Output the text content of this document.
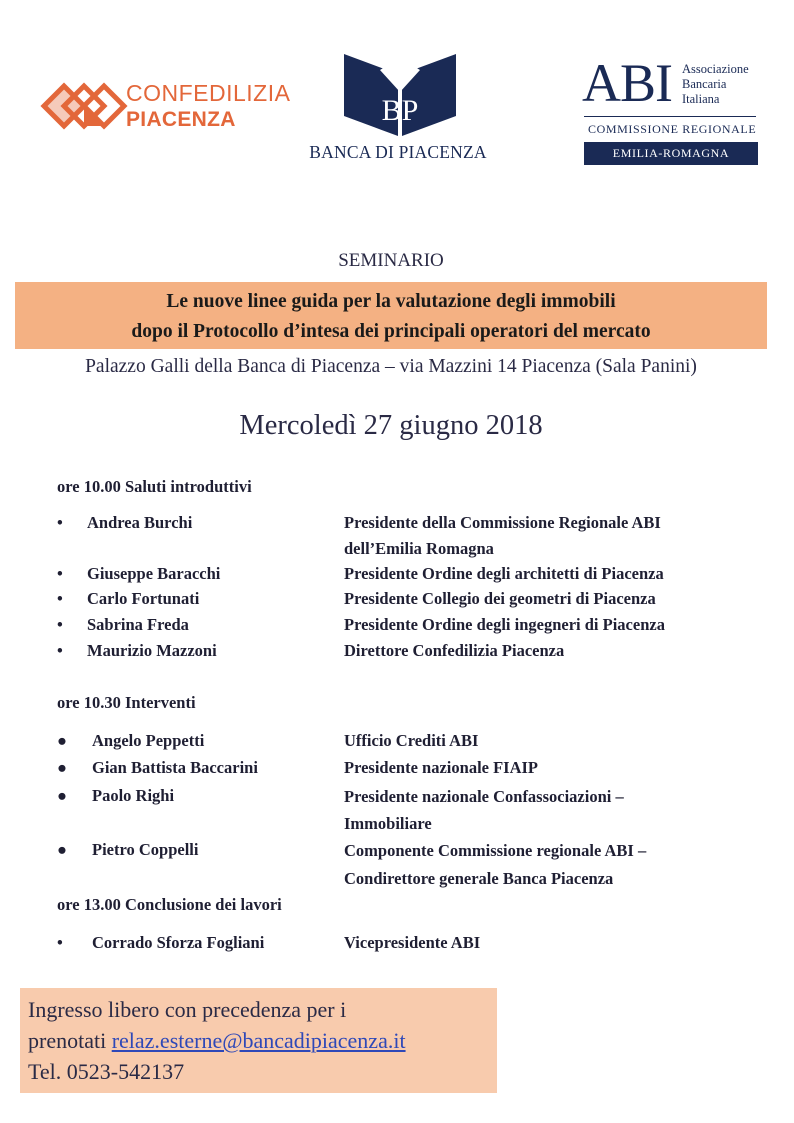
CONFEDILIZIA
PIACENZA	BP
BANCA DI PIACENZA
ABI Associazione
Bancaria
Italiana
COMMISSIONE REGIONALE
EMILIA-ROMAGNA
SEMINARIO
Le nuove linee guida per la valutazione degli immobili
dopo il Protocollo d’intesa dei principali operatori del mercato
Palazzo Galli della Banca di Piacenza – via Mazzini 14 Piacenza (Sala Panini)
Mercoledì 27 giugno 2018
ore 10.00 Saluti introduttivi
• Andrea Burchi	Presidente della Commissione Regionale ABI
dell’Emilia Romagna
• Giuseppe Baracchi	Presidente Ordine degli architetti di Piacenza
• Carlo Fortunati	Presidente Collegio dei geometri di Piacenza
• Sabrina Freda	Presidente Ordine degli ingegneri di Piacenza
• Maurizio Mazzoni	Direttore Confedilizia Piacenza
ore 10.30 Interventi
● Angelo Peppetti	Ufficio Crediti ABI
● Gian Battista Baccarini	Presidente nazionale FIAIP
● Paolo Righi	Presidente nazionale Confassociazioni –
Immobiliare
● Pietro Coppelli	Componente Commissione regionale ABI –
Condirettore generale Banca Piacenza
ore 13.00 Conclusione dei lavori
• Corrado Sforza Fogliani	Vicepresidente ABI
Ingresso libero con precedenza per i
prenotati relaz.esterne@bancadipiacenza.it
Tel. 0523-542137
